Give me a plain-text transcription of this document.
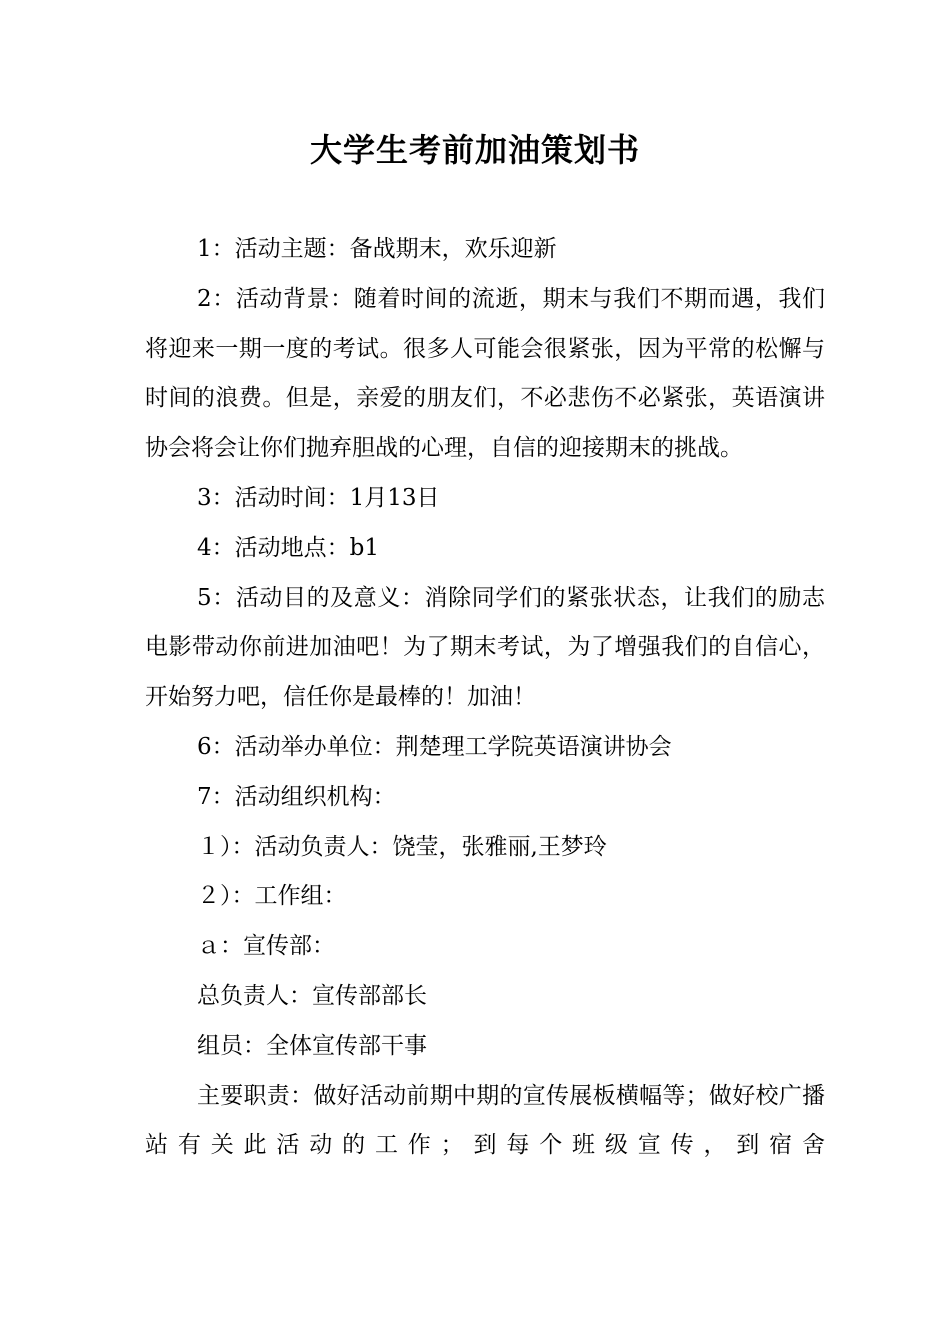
大学生考前加油策划书

1：活动主题：备战期末，欢乐迎新

2：活动背景：随着时间的流逝，期末与我们不期而遇，我们将迎来一期一度的考试。很多人可能会很紧张，因为平常的松懈与时间的浪费。但是，亲爱的朋友们，不必悲伤不必紧张，英语演讲协会将会让你们抛弃胆战的心理，自信的迎接期末的挑战。

3：活动时间：1月13日

4：活动地点：b1

5：活动目的及意义：消除同学们的紧张状态，让我们的励志电影带动你前进加油吧！为了期末考试，为了增强我们的自信心，开始努力吧，信任你是最棒的！加油！

6：活动举办单位：荆楚理工学院英语演讲协会

7：活动组织机构：

１）：活动负责人：饶莹，张雅丽,王梦玲

２）：工作组：

ａ：宣传部：

总负责人：宣传部部长

组员：全体宣传部干事

主要职责：做好活动前期中期的宣传展板横幅等；做好校广播站有关此活动的工作；到每个班级宣传，到宿舍
